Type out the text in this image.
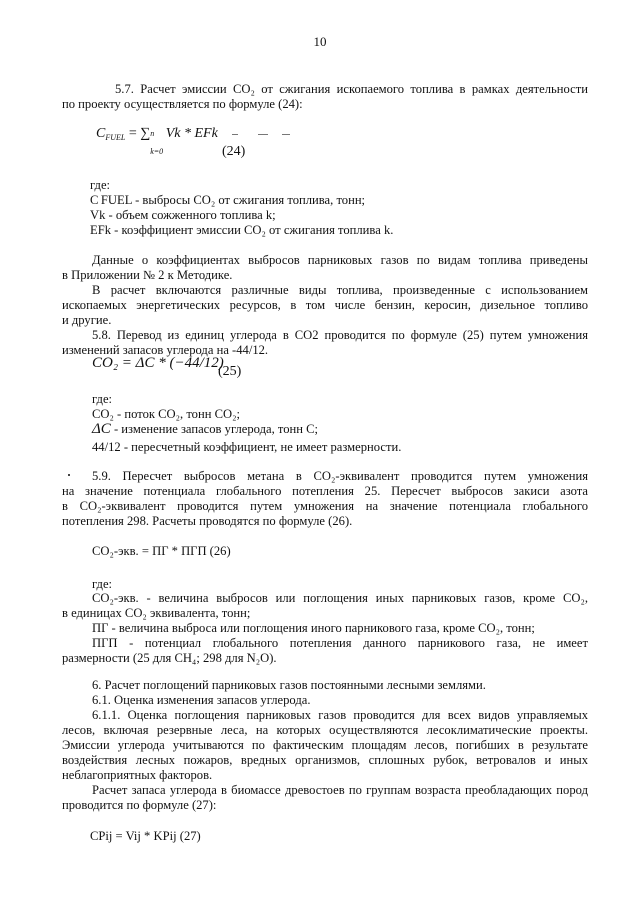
10
5.7. Расчет эмиссии CO₂ от сжигания ископаемого топлива в рамках деятельности
по проекту осуществляется по формуле (24):
$C_{FUEL}$ = ∑ n
k=0
Vk * EFk
(24)
где:
C FUEL - выбросы CO₂ от сжигания топлива, тонн;
Vk - объем сожженного топлива k;
EFk - коэффициент эмиссии CO₂ от сжигания топлива k.
Данные о коэффициентах выбросов парниковых газов по видам топлива приведены
в Приложении № 2 к Методике.
В расчет включаются различные виды топлива, произведенные с использованием
ископаемых энергетических ресурсов, в том числе бензин, керосин, дизельное топливо
и другие.
5.8. Перевод из единиц углерода в CO2 проводится по формуле (25) путем умножения
изменений запасов углерода на -44/12.
CO₂ = ΔC * (−44/12)
(25)
где:
CO₂ - поток CO₂, тонн CO₂;
ΔC - изменение запасов углерода, тонн С;
44/12 - пересчетный коэффициент, не имеет размерности.
5.9. Пересчет выбросов метана в CO₂-эквивалент проводится путем умножения
на значение потенциала глобального потепления 25. Пересчет выбросов закиси азота
в CO₂-эквивалент проводится путем умножения на значение потенциала глобального
потепления 298. Расчеты проводятся по формуле (26).
CO₂-экв. = ПГ * ПГП (26)
где:
CO₂-экв. - величина выбросов или поглощения иных парниковых газов, кроме CO₂,
в единицах CO₂ эквивалента, тонн;
ПГ - величина выброса или поглощения иного парникового газа, кроме CO₂, тонн;
ПГП - потенциал глобального потепления данного парникового газа, не имеет
размерности (25 для CH₄; 298 для N₂O).
6. Расчет поглощений парниковых газов постоянными лесными землями.
6.1. Оценка изменения запасов углерода.
6.1.1. Оценка поглощения парниковых газов проводится для всех видов управляемых
лесов, включая резервные леса, на которых осуществляются лесоклиматические проекты.
Эмиссии углерода учитываются по фактическим площадям лесов, погибших в результате
воздействия лесных пожаров, вредных организмов, сплошных рубок, ветровалов и иных
неблагоприятных факторов.
Расчет запаса углерода в биомассе древостоев по группам возраста преобладающих пород
проводится по формуле (27):
CPij = Vij * KPij (27)
